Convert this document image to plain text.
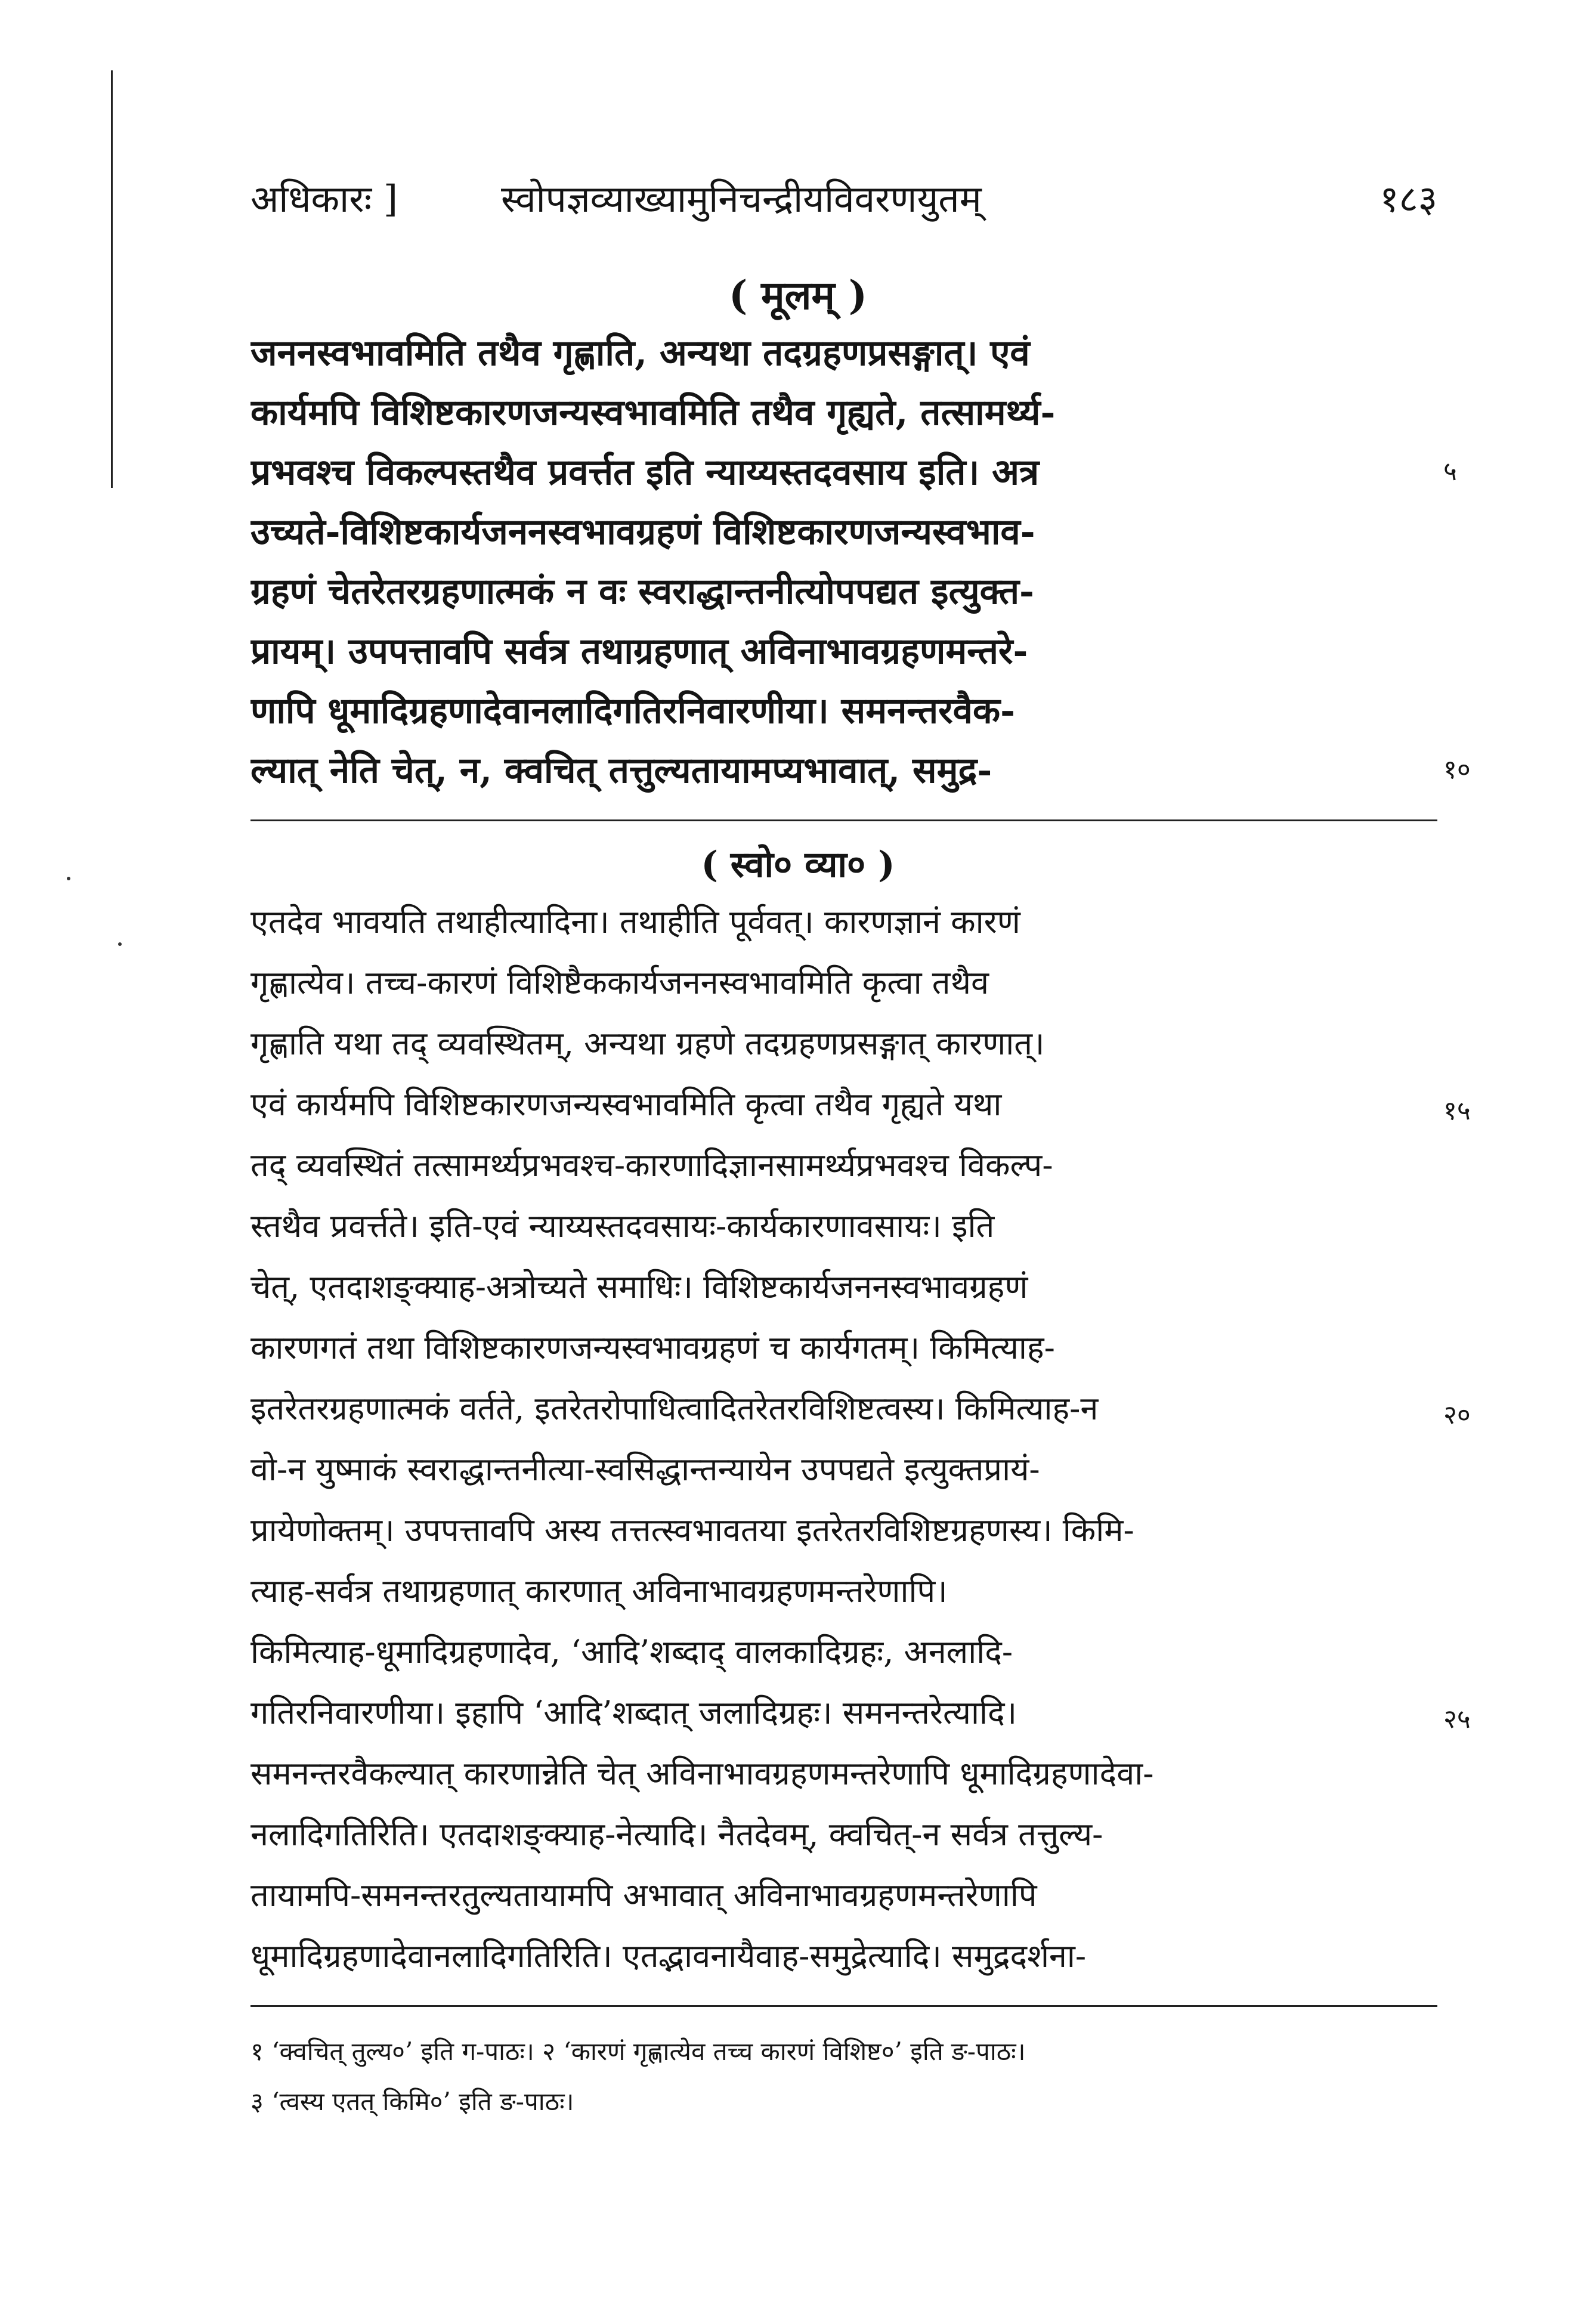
अधिकारः ]	स्वोपज्ञव्याख्यामुनिचन्द्रीयविवरणयुतम्	१८३
( मूलम् )
जननस्वभावमिति तथैव गृह्णाति, अन्यथा तदग्रहणप्रसङ्गात्। एवं
कार्यमपि विशिष्टकारणजन्यस्वभावमिति तथैव गृह्यते, तत्सामर्थ्य-
प्रभवश्च विकल्पस्तथैव प्रवर्त्तत इति न्याय्यस्तदवसाय इति। अत्र
उच्यते-विशिष्टकार्यजननस्वभावग्रहणं विशिष्टकारणजन्यस्वभाव-
ग्रहणं चेतरेतरग्रहणात्मकं न वः स्वराद्धान्तनीत्योपपद्यत इत्युक्त-
प्रायम्। उपपत्तावपि सर्वत्र तथाग्रहणात् अविनाभावग्रहणमन्तरे-
णापि धूमादिग्रहणादेवानलादिगतिरनिवारणीया। समनन्तरवैक-
ल्यात् नेति चेत्, न, क्वचित् तत्तुल्यतायामप्यभावात्, समुद्र-
५
१०
( स्वो० व्या० )
एतदेव भावयति तथाहीत्यादिना। तथाहीति पूर्ववत्। कारणज्ञानं कारणं
गृह्णात्येव। तच्च-कारणं विशिष्टैककार्यजननस्वभावमिति कृत्वा तथैव
गृह्णाति यथा तद् व्यवस्थितम्, अन्यथा ग्रहणे तदग्रहणप्रसङ्गात् कारणात्।
एवं कार्यमपि विशिष्टकारणजन्यस्वभावमिति कृत्वा तथैव गृह्यते यथा
तद् व्यवस्थितं तत्सामर्थ्यप्रभवश्च-कारणादिज्ञानसामर्थ्यप्रभवश्च विकल्प-
स्तथैव प्रवर्त्तते। इति-एवं न्याय्यस्तदवसायः-कार्यकारणावसायः। इति
चेत्, एतदाशङ्क्याह-अत्रोच्यते समाधिः। विशिष्टकार्यजननस्वभावग्रहणं
कारणगतं तथा विशिष्टकारणजन्यस्वभावग्रहणं च कार्यगतम्। किमित्याह-
इतरेतरग्रहणात्मकं वर्तते, इतरेतरोपाधित्वादितरेतरविशिष्टत्वस्य। किमित्याह-न
वो-न युष्माकं स्वराद्धान्तनीत्या-स्वसिद्धान्तन्यायेन उपपद्यते इत्युक्तप्रायं-
प्रायेणोक्तम्। उपपत्तावपि अस्य तत्तत्स्वभावतया इतरेतरविशिष्टग्रहणस्य। किमि-
त्याह-सर्वत्र तथाग्रहणात् कारणात् अविनाभावग्रहणमन्तरेणापि।
किमित्याह-धूमादिग्रहणादेव, ‘आदि’शब्दाद् वालकादिग्रहः, अनलादि-
गतिरनिवारणीया। इहापि ‘आदि’शब्दात् जलादिग्रहः। समनन्तरेत्यादि।
समनन्तरवैकल्यात् कारणान्नेति चेत् अविनाभावग्रहणमन्तरेणापि धूमादिग्रहणादेवा-
नलादिगतिरिति। एतदाशङ्क्याह-नेत्यादि। नैतदेवम्, क्वचित्-न सर्वत्र तत्तुल्य-
तायामपि-समनन्तरतुल्यतायामपि अभावात् अविनाभावग्रहणमन्तरेणापि
धूमादिग्रहणादेवानलादिगतिरिति। एतद्भावनायैवाह-समुद्रेत्यादि। समुद्रदर्शना-
१५
२०
२५
१ ‘क्वचित् तुल्य०’ इति ग-पाठः। २ ‘कारणं गृह्णात्येव तच्च कारणं विशिष्ट०’ इति ङ-पाठः।
३ ‘त्वस्य एतत् किमि०’ इति ङ-पाठः।
